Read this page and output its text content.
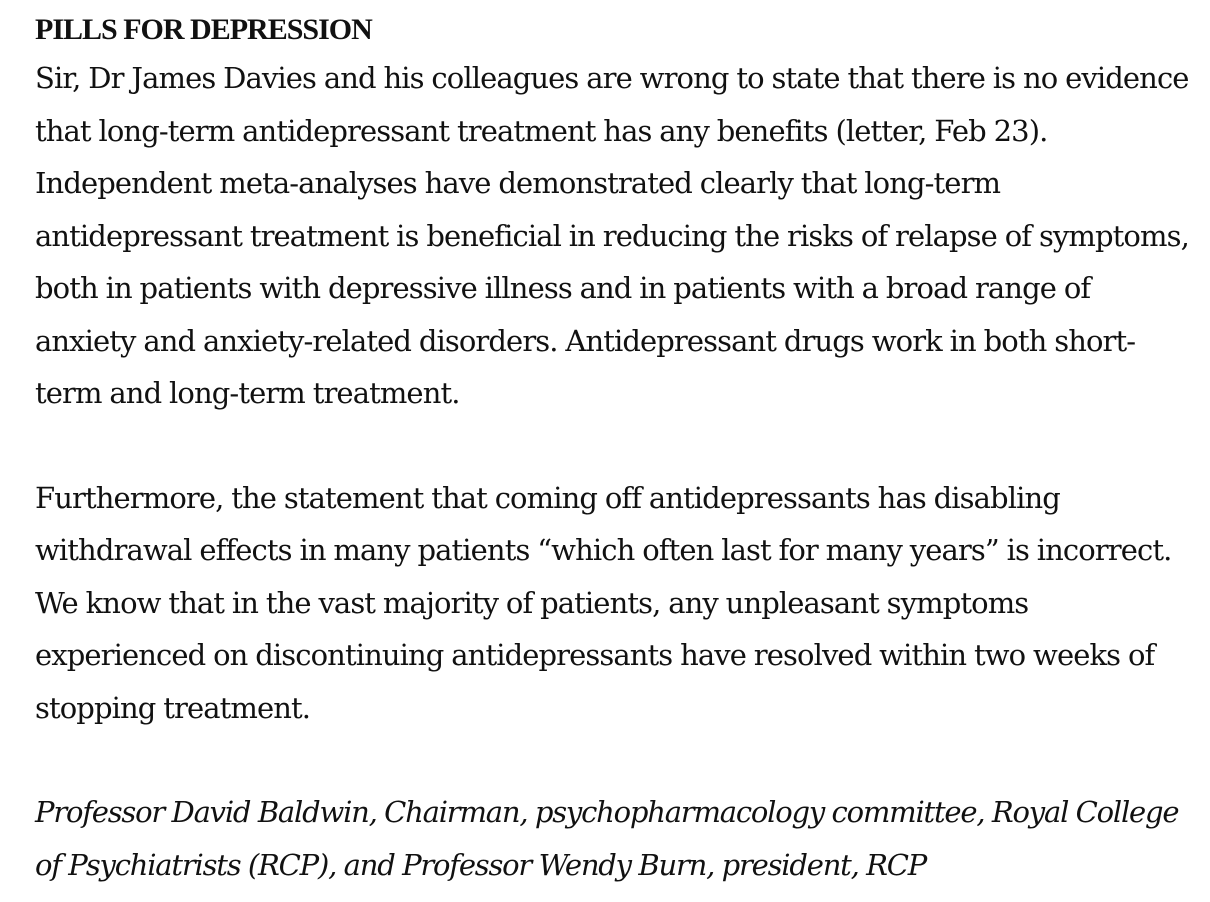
PILLS FOR DEPRESSION

Sir, Dr James Davies and his colleagues are wrong to state that there is no evidence that long-term antidepressant treatment has any benefits (letter, Feb 23). Independent meta-analyses have demonstrated clearly that long-term antidepressant treatment is beneficial in reducing the risks of relapse of symptoms, both in patients with depressive illness and in patients with a broad range of anxiety and anxiety-related disorders. Antidepressant drugs work in both short-term and long-term treatment.

Furthermore, the statement that coming off antidepressants has disabling withdrawal effects in many patients “which often last for many years” is incorrect. We know that in the vast majority of patients, any unpleasant symptoms experienced on discontinuing antidepressants have resolved within two weeks of stopping treatment.

Professor David Baldwin, Chairman, psychopharmacology committee, Royal College of Psychiatrists (RCP), and Professor Wendy Burn, president, RCP
